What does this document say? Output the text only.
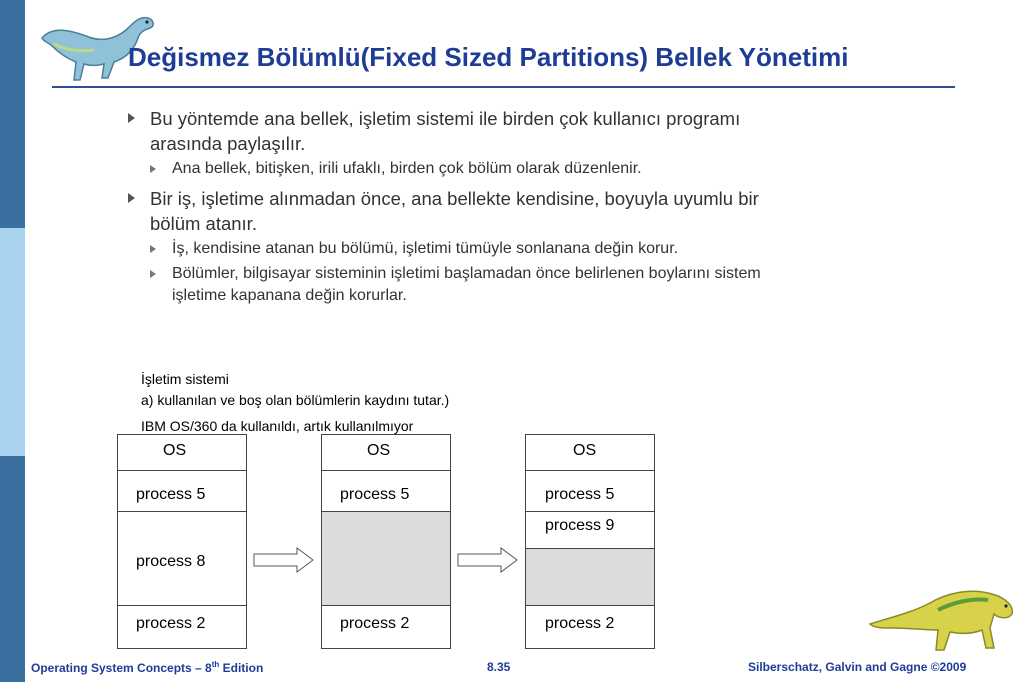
Değismez Bölümlü(Fixed Sized Partitions) Bellek Yönetimi
Bu yöntemde ana bellek, işletim sistemi ile birden çok kullanıcı programı arasında paylaşılır.
Ana bellek, bitişken, irili ufaklı, birden çok bölüm olarak düzenlenir.
Bir iş, işletime alınmadan önce, ana bellekte kendisine, boyuyla uyumlu bir bölüm atanır.
İş, kendisine atanan bu bölümü, işletimi tümüyle sonlanana değin korur.
Bölümler, bilgisayar sisteminin işletimi başlamadan önce belirlenen boylarını sistem işletime kapanana değin korurlar.
İşletim sistemi
a) kullanılan ve boş olan bölümlerin kaydını tutar.)
IBM OS/360 da kullanıldı, artık kullanılmıyor
OS
process 5
process 8
process 2
OS
process 5
process 2
OS
process 5
process 9
process 2
Operating System Concepts – 8th Edition	8.35	Silberschatz, Galvin and Gagne ©2009
